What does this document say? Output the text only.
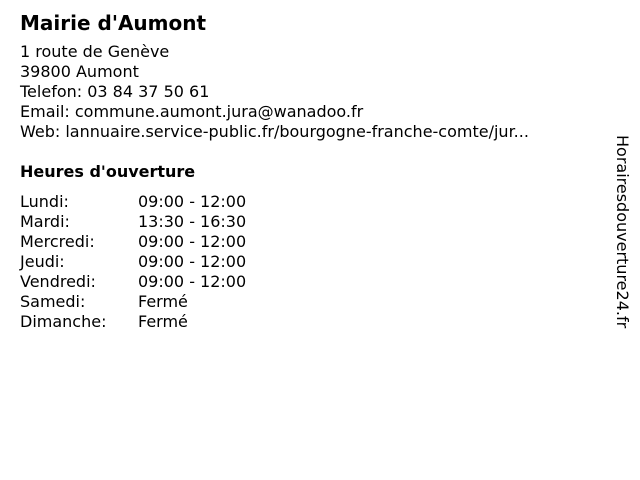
Mairie d'Aumont
1 route de Genève
39800 Aumont
Telefon: 03 84 37 50 61
Email: commune.aumont.jura@wanadoo.fr
Web: lannuaire.service-public.fr/bourgogne-franche-comte/jur...
Heures d'ouverture
Lundi:	09:00 - 12:00
Mardi:	13:30 - 16:30
Mercredi:	09:00 - 12:00
Jeudi:	09:00 - 12:00
Vendredi:	09:00 - 12:00
Samedi:	Fermé
Dimanche:	Fermé	Horairesdouverture24.fr
